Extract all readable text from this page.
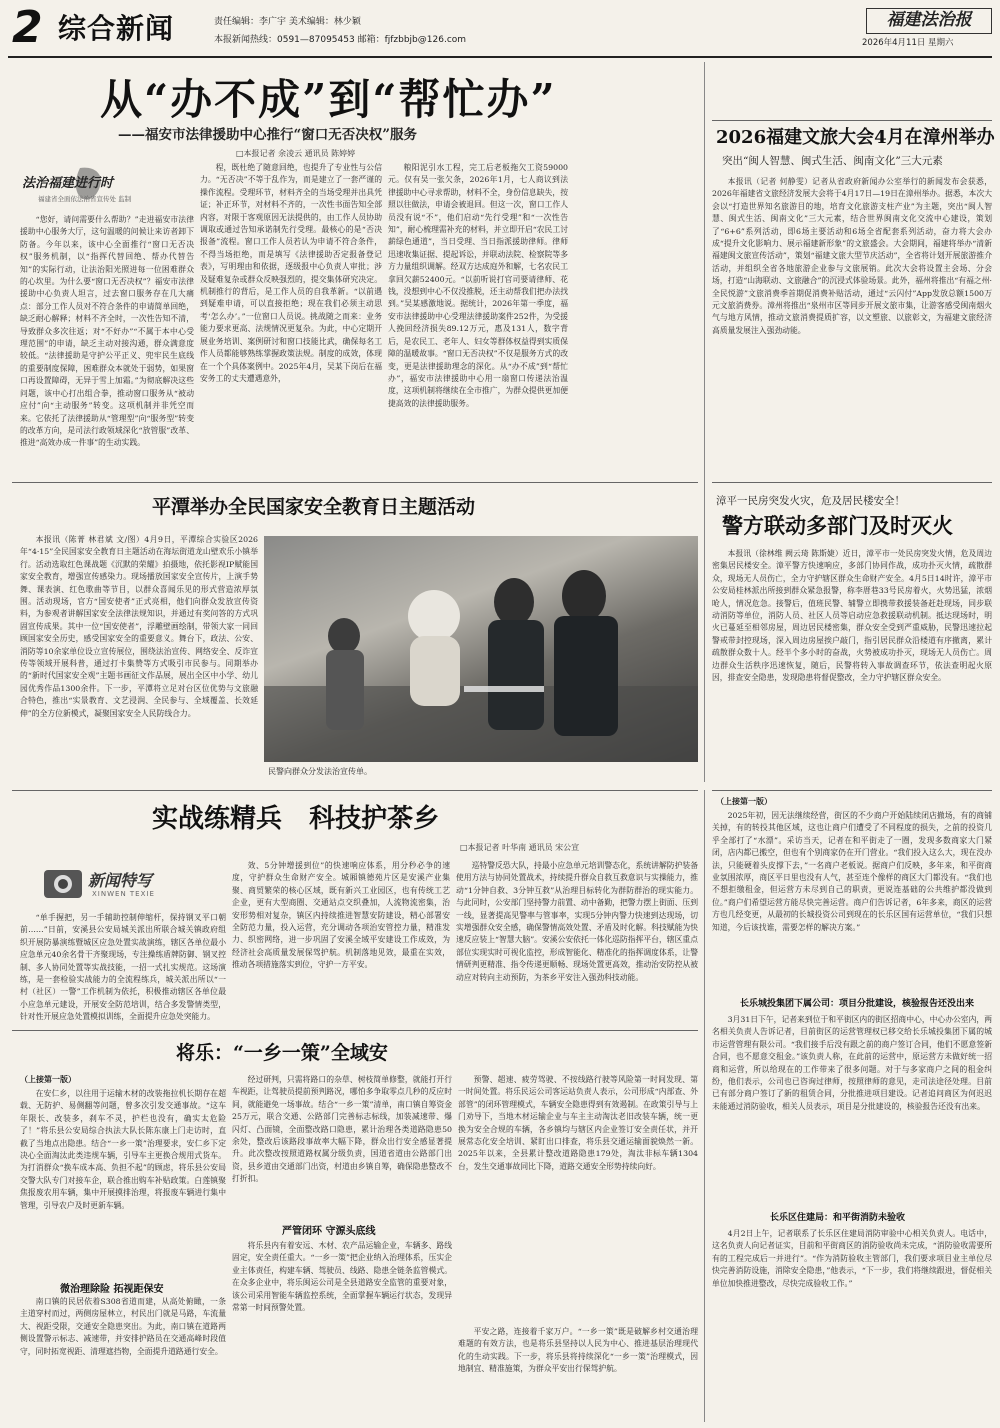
2 综合新闻	责任编辑：李广宇 美术编辑：林少颖
本报新闻热线：0591—87095453 邮箱：fjfzbbjb@126.com
福建法治报
2026年4月11日 星期六
从“办不成”到“帮忙办”
——福安市法律援助中心推行“窗口无否决权”服务
□本报记者 余凌云 通讯员 陈婷婷
法治福建进行时
福建省全面依法治省宣传处 监制

“您好，请问需要什么帮助？”走进福安市法律援助中心服务大厅，这句温暖的问候让来访者卸下防备。今年以来，该中心全面推行“窗口无否决权”服务机制，以“指挥代替回绝、帮办代替告知”的实际行动，让法治阳光照进每一位困难群众的心坎里。为什么要“窗口无否决权”？福安市法律援助中心负责人坦言，过去窗口服务存在几大痛点：部分工作人员对不符合条件的申请简单回绝，缺乏耐心解释；材料不齐全时，一次性告知不清，导致群众多次往返；对“不好办”“不属于本中心受理范围”的申请，缺乏主动对接沟通，群众满意度较低。“法律援助是守护公平正义、兜牢民生底线的重要制度保障，困难群众本就处于弱势，如果窗口再设置障碍，无异于雪上加霜。”为彻底解决这些问题，该中心打出组合拳，推动窗口服务从“被动应付”向“主动服务”转变。这项机制并非凭空而来。它依托了法律援助从“管理型”向“服务型”转变的改革方向，是司法行政领域深化“放管服”改革、推进“高效办成一件事”的生动实践。

程，既杜绝了随意回绝，也提升了专业性与公信力。“无否决”不等于乱作为，而是建立了一套严谨的操作流程。受理环节，材料齐全的当场受理并出具凭证；补正环节，对材料不齐的，一次性书面告知全部内容，对限于客观原因无法提供的，由工作人员协助调取或通过告知承诺制先行受理。最核心的是“否决报备”流程。窗口工作人员若认为申请不符合条件，不得当场拒绝，而是填写《法律援助否定报备登记表》，写明理由和依据，逐级报中心负责人审批；涉及疑难复杂或群众反映强烈的，提交集体研究决定。机制推行的背后，是工作人员的自我革新。“以前遇到疑难申请，可以直接拒绝；现在我们必须主动思考‘怎么办’。”一位窗口人员说。挑战随之而来：业务能力要求更高、法规情况更复杂。为此，中心定期开展业务培训、案例研讨和窗口技能比武，确保每名工作人员都能够熟练掌握政策法规。制度的成效，体现在一个个具体案例中。2025年4月，吴某下岗后在福安务工的丈夫遭遇意外，

粮阳泥引水工程，完工后老板拖欠工资59000元。仅有吴一张欠条，2026年1月，七人商议到法律援助中心寻求帮助，材料不全，身份信息缺失，按照以往做法，申请会被退回。但这一次，窗口工作人员没有说“不”，他们启动“先行受理”和“一次性告知”，耐心梳理需补充的材料，并立即开启“农民工讨薪绿色通道”，当日受理、当日指派援助律师。律师迅速收集证据、提起诉讼，并联动法院、检察院等多方力量组织调解。经双方达成庭外和解，七名农民工拿回欠薪52400元。“以前听说打官司要请律师、花钱，没想到中心不仅没推脱，还主动帮我们把办法找到。”吴某感激地说。据统计，2026年第一季度，福安市法律援助中心受理法律援助案件252件，为受援人挽回经济损失89.12万元，惠及131人，数字背后，是农民工、老年人、妇女等群体权益得到实质保障的温暖故事。“窗口无否决权”不仅是服务方式的改变，更是法律援助理念的深化。从“办不成”到“帮忙办”，福安市法律援助中心用一扇窗口传递法治温度，这项机制将继续在全市推广，为群众提供更加便捷高效的法律援助服务。

2026福建文旅大会4月在漳州举办
突出“闽人智慧、闽式生活、闽南文化”三大元素

本报讯（记者 何静雯）记者从省政府新闻办公室举行的新闻发布会获悉，2026年福建省文旅经济发展大会将于4月17日—19日在漳州举办。据悉，本次大会以“打造世界知名旅游目的地，培育文化旅游支柱产业”为主题，突出“闽人智慧、闽式生活、闽南文化”三大元素，结合世界闽南文化交流中心建设，策划了“6+6”系列活动，即6场主要活动和6场全省配套系列活动，奋力将大会办成“提升文化影响力、展示福建新形象”的文旅盛会。大会期间，福建将举办“清新福建闽文旅宣传活动”，策划“福建文旅大型节庆活动”，全省将计划开展旅游推介活动，并组织全省各地旅游企业参与文旅展销。此次大会将设置主会场、分会场，打造“山海联动、文旅融合”的沉浸式体验场景。此外，福州将推出“有福之州·全民悦游”文旅消费季首期促消费补贴活动，通过“云闪付”App发放总额1500万元文旅消费券。漳州将推出“泉州市区等同步开展文旅市集，让游客感受闽南烟火气与地方风情，推动文旅消费提质扩容，以文塑旅、以旅彰文，为福建文旅经济高质量发展注入强劲动能。

平潭举办全民国家安全教育日主题活动

本报讯（陈菁 林君斌 文/图）4月9日，平潭综合实验区2026年“4·15”全民国家安全教育日主题活动在海坛街道龙山壁欢乐小镇举行。活动选取红色课战题《沉默的荣耀》拍摄地，依托影视IP赋能国家安全教育，增强宣传感染力。现场播放国家安全宣传片，上演手势舞、课表演、红色歌曲等节目，以群众喜闻乐见的形式营造浓厚氛围。活动现场，官方“国安使者”正式亮相，他们向群众发放宣传资料，为参观者讲解国家安全法律法规知识，并通过有奖问答的方式巩固宣传成果。其中一位“国安使者”，浮雕壁画绘制，带领大家一同回顾国家安全历史，感受国家安全的重要意义。舞台下，政法、公安、消防等10余家单位设立宣传展位，围绕法治宣传、网络安全、反诈宣传等领域开展科普，通过打卡集赞等方式吸引市民参与。同期举办的“新时代国家安全观”主题书画征文作品展，展出全区中小学、幼儿园优秀作品1300余件。下一步，平潭将立足对台区位优势与文旅融合特色，推出“实景教育、文艺浸润、全民参与、全域覆盖、长效延伸”的全方位新模式，凝聚国家安全人民防线合力。

民警向群众分发法治宣传单。
漳平一民房突发火灾，危及居民楼安全！
警方联动多部门及时灭火

本报讯（徐林维 阙云琦 陈斯婕）近日，漳平市一处民房突发火情，危及周边密集居民楼安全。漳平警方快速响应，多部门协同作战，成功扑灭火情，疏散群众，现场无人员伤亡，全力守护辖区群众生命财产安全。4月5日14时许，漳平市公安局桂林派出所接到群众紧急报警，称李厝巷33号民房着火，火势迅猛，浓烟呛人，情况危急。接警后，值班民警、辅警立即携带救援装备赶赴现场，同步联动消防等单位，消防人员、社区人员等启动应急救援联动机制。抵达现场时，明火已蔓延至相邻房屋，周边居民楼密集，群众安全受到严重威胁，民警迅速拉起警戒带封控现场，深入周边房屋挨户敲门，指引居民群众沿楼道有序撤离，累计疏散群众数十人。经半个多小时的奋战，火势被成功扑灭，现场无人员伤亡。周边群众生活秩序迅速恢复，随后，民警将转入事故调查环节，依法查明起火原因，排查安全隐患，发现隐患将督促整改，全力守护辖区群众安全。

实战练精兵   科技护茶乡
□本报记者 叶华南 通讯员 宋公宣
新闻特写
XINWEN TEXIE

“单手握把，另一手辅助控制伸缩杆，保持钢叉平口朝前……”日前，安溪县公安局城关派出所联合城关镇政府组织开展防暴演练暨城区应急处置实战演练，辖区各单位最小应急单元40余名骨干齐聚现场，专注操练盾牌防御、钢叉控制、多人协同处置等实战技能，一招一式扎实规范。这场演练，是一套检验实战能力的全流程练兵，城关派出所以“一村（社区）一警”工作机制为依托，积极推动辖区各单位最小应急单元建设，开展安全防范培训，结合多发警情类型，针对性开展应急处置模拟训练，全面提升应急处突能力。

效、5分钟增援到位”的快速响应体系，用分秒必争的速度，守护群众生命财产安全。城厢镇德苑片区是安溪产业集聚、商贸繁荣的核心区域，既有新兴工业园区，也有传统工艺企业，更有大型商圈、交通站点交织叠加，人流物流密集，治安形势相对复杂，镇区内持续推进智慧安防建设，精心部署安全防范力量，投入运营，充分调动各项治安管控力量，精准发力、织密网络，进一步巩固了安溪全域平安建设工作成效，为经济社会高质量发展保驾护航。机制落地见效，最重在实效，推动各项措施落实到位，守护一方平安。

巡特警反恐大队，持最小应急单元培训警态化，系统讲解防护装备使用方法与协同处置战术，持续提升群众自救互救意识与实操能力，推动“1分钟自救、3分钟互救”从治理目标转化为群防群治的现实能力。与此同时，公安部门坚持警力前置、动中备勤，把警力摆上街面、压到一线，显著提高见警率与管事率，实现5分钟内警力快速到达现场，切实增强群众安全感，确保警情高效处置、矛盾及时化解。科技赋能为快速反应装上“智慧大脑”。安溪公安依托一体化巡防指挥平台，辖区重点部位实现实时可视化监控，形成智能化、精准化的指挥调度体系，让警情研判更精准、指令传递更顺畅、现场处置更高效，推动治安防控从被动应对转向主动预防，为茶乡平安注入强劲科技动能。

将乐：“一乡一策”全域安
（上接第一版）

在安仁乡，以往用于运输木材的改装拖拉机长期存在超载、无防护、易侧翻等问题，曾多次引发交通事故。“这车年限长、改装多，刹车不灵，护栏也没有，确实太危险了！”将乐县公安局综合执法大队长陈东康上门走访时，直截了当地点出隐患。结合“一乡一策”治理要求，安仁乡下定决心全面淘汰此类违规车辆，引导车主更换合规用式货车。为打消群众“换车成本高、负担不起”的顾虑，将乐县公安局交警大队专门对接车企，联合推出购车补贴政策。白莲镇聚焦报废农用车辆，集中开展摸排治理，将报废车辆进行集中管理，引导农户及时更新车辆。

微治理除险 拓视距保安

南口镇的民居依着S308省道而建，从高处俯瞰，一条主道穿村而过，两侧房屋林立，村民出门就是马路，车流量大、视距受限，交通安全隐患突出。为此，南口镇在道路两侧设置警示标志、减速带，并安排护路员在交通高峰时段值守，同时拓宽视距、清理遮挡物，全面提升道路通行安全。

经过研判，只需将路口的杂草、树枝简单修整，就能打开行车视距，让驾驶员提前预判路况，哪怕多争取零点几秒的反应时间，就能避免一场事故。结合“一乡一策”清单，南口镇自筹资金25万元，联合交通、公路部门完善标志标线，加装减速带、爆闪灯、凸面镜，全面整改路口隐患，累计治理各类道路隐患50余处，整改后该路段事故率大幅下降，群众出行安全感显著提升。此次整改按照道路权属分级负责，国道省道由公路部门出资，县乡道由交通部门出资，村道由乡镇自筹，确保隐患整改不打折扣。

严管闭环 守源头底线

将乐县内有着安远、木材、农产品运输企业，车辆多、路线固定，安全责任重大。“一乡一策”把企业纳入治理体系，压实企业主体责任，构建车辆、驾驶员、线路、隐患全链条监管模式。在众多企业中，将乐闽运公司是全县道路安全监管的重要对象，该公司采用智能车辆监控系统，全面掌握车辆运行状态，发现异常第一时间预警处置。

预警、超速、疲劳驾驶、不按线路行驶等风险第一时间发现、第一时间处置。将乐民运公司客运站负责人表示，公司形成“内部查、外部管”的闭环管理模式，车辆安全隐患得到有效遏制。在政策引导与上门劝导下，当地木材运输企业与车主主动淘汰老旧改装车辆，统一更换为安全合规的车辆，各乡镇均与辖区内企业签订安全责任状，并开展常态化安全培训、紧盯出口排查，将乐县交通运输面貌焕然一新。2025年以来，全县累计整改道路隐患179处，淘汰非标车辆1304台，发生交通事故同比下降，道路交通安全形势持续向好。

平安之路，连接着千家万户。“一乡一策”既是破解乡村交通治理难题的有效方法，也是将乐县坚持以人民为中心、推进基层治理现代化的生动实践。下一步，将乐县将持续深化“一乡一策”治理模式，因地制宜、精准施策，为群众平安出行保驾护航。

（上接第一版）

2025年初，因无法继续经营，街区的不少商户开始陆续闭店撤场，有的商铺关掉，有的转投其他区域，这也让商户们遭受了不同程度的损失，之前的投资几乎全部打了“水漂”。采访当天，记者在和平街走了一圈，发现多数商家大门紧闭，店内都已搬空，但也有个别商家仍在开门营业。“我们投入这么大，现在没办法，只能硬着头皮撑下去，”一名商户老板说。据商户们反映，多年来，和平街商业氛围浓厚，商区平日里也没有人气，甚至连个像样的商区大门都没有。“我们也不想拒缴租金，但运营方未尽到自己的职责，更说连基础的公共维护都没做到位。”商户们希望运营方能尽快完善运营。商户们告诉记者，6年多来，商区的运营方也几经变更，从最初的长城投资公司到现在的长乐区国有运营单位，“我们只想知道，今后该找谁，需要怎样的解决方案。”

长乐城投集团下属公司：项目分批建设，核验报告还没出来

3月31日下午，记者来到位于和平街区内的街区招商中心，中心办公室内，两名相关负责人告诉记者，目前街区的运营管理权已移交给长乐城投集团下属的城市运营管理有限公司。“我们接手后没有跟之前的商户签订合同，他们不愿意签新合同，也不愿意交租金。”该负责人称，在此前的运营中，原运营方未做好统一招商和运营，所以给现在的工作带来了很多问题。对于与多家商户之间的租金纠纷，他们表示，公司也已咨询过律师，按照律师的意见，走司法途径处理。目前已有部分商户签订了新的租赁合同，分批推进项目建设。记者追问商区为何迟迟未能通过消防验收，相关人员表示，项目是分批建设的，核验报告还没有出来。

长乐区住建局：和平街消防未验收

4月2日上午，记者联系了长乐区住建局消防审验中心相关负责人。电话中，这名负责人向记者证实，目前和平街商区的消防验收尚未完成，“消防验收需要所有的工程完成后一并进行”。“作为消防验收主管部门，我们要求项目业主单位尽快完善消防设施，消除安全隐患，”他表示，“下一步，我们将继续跟进，督促相关单位加快推进整改，尽快完成验收工作。”
